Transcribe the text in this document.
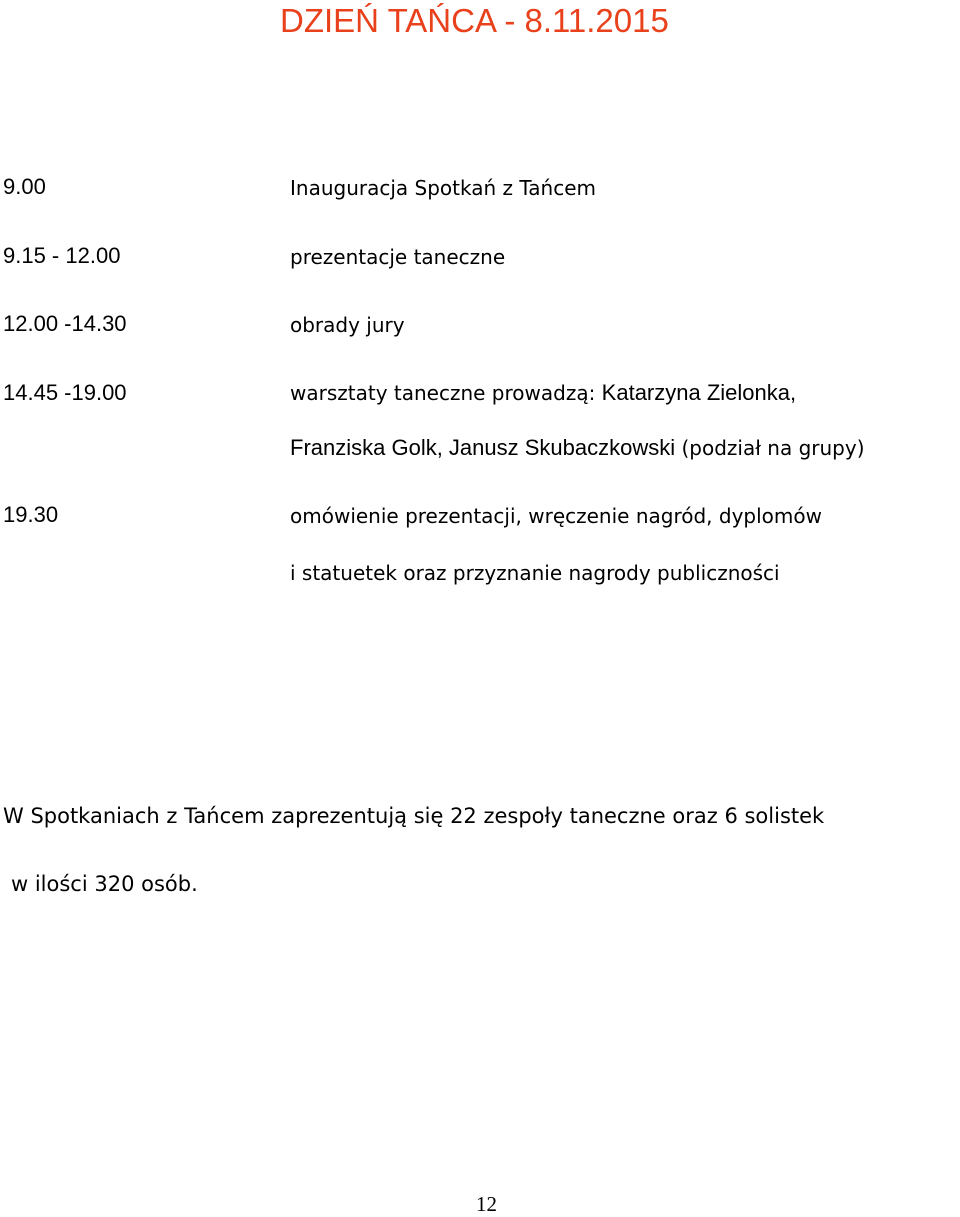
DZIEŃ TAŃCA - 8.11.2015
9.00	Inauguracja Spotkań z Tańcem
9.15 - 12.00	prezentacje taneczne
12.00 -14.30	obrady jury
14.45 -19.00	warsztaty taneczne prowadzą: Katarzyna Zielonka,
Franziska Golk, Janusz Skubaczkowski (podział na grupy)
19.30	omówienie prezentacji, wręczenie nagród, dyplomów
i statuetek oraz przyznanie nagrody publiczności
W Spotkaniach z Tańcem zaprezentują się 22 zespoły taneczne oraz 6 solistek
w ilości 320 osób.
12
